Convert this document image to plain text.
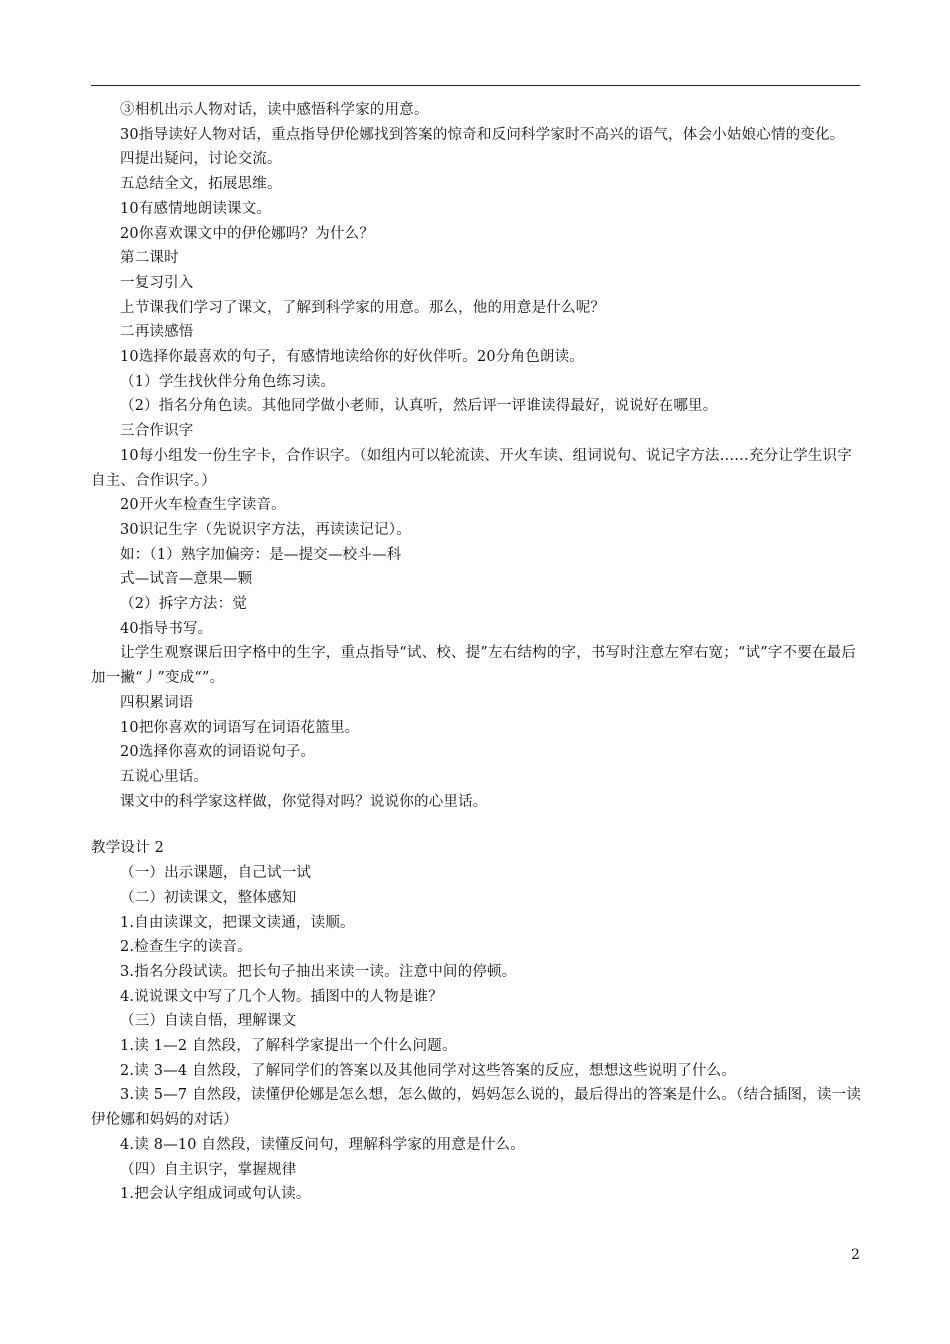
③相机出示人物对话，读中感悟科学家的用意。

30指导读好人物对话，重点指导伊伦娜找到答案的惊奇和反问科学家时不高兴的语气，体会小姑娘心情的变化。

四提出疑问，讨论交流。

五总结全文，拓展思维。

10有感情地朗读课文。

20你喜欢课文中的伊伦娜吗？为什么？

第二课时

一复习引入

上节课我们学习了课文，了解到科学家的用意。那么，他的用意是什么呢？

二再读感悟

10选择你最喜欢的句子，有感情地读给你的好伙伴听。20分角色朗读。

（1）学生找伙伴分角色练习读。

（2）指名分角色读。其他同学做小老师，认真听，然后评一评谁读得最好，说说好在哪里。

三合作识字

10每小组发一份生字卡，合作识字。（如组内可以轮流读、开火车读、组词说句、说记字方法……充分让学生识字自主、合作识字。）

20开火车检查生字读音。

30识记生字（先说识字方法，再读读记记）。

如：（1）熟字加偏旁：是—提交—校斗—科

式—试音—意果—颗

（2）拆字方法：觉

40指导书写。

让学生观察课后田字格中的生字，重点指导“试、校、提”左右结构的字，书写时注意左窄右宽；“试”字不要在最后加一撇“丿”变成“”。

四积累词语

10把你喜欢的词语写在词语花篮里。

20选择你喜欢的词语说句子。

五说心里话。

课文中的科学家这样做，你觉得对吗？说说你的心里话。

教学设计 2

（一）出示课题，自己试一试

（二）初读课文，整体感知

1.自由读课文，把课文读通，读顺。

2.检查生字的读音。

3.指名分段试读。把长句子抽出来读一读。注意中间的停顿。

4.说说课文中写了几个人物。插图中的人物是谁？

（三）自读自悟，理解课文

1.读 1—2 自然段，了解科学家提出一个什么问题。

2.读 3—4 自然段，了解同学们的答案以及其他同学对这些答案的反应，想想这些说明了什么。

3.读 5—7 自然段，读懂伊伦娜是怎么想，怎么做的，妈妈怎么说的，最后得出的答案是什么。（结合插图，读一读伊伦娜和妈妈的对话）

4.读 8—10 自然段，读懂反问句，理解科学家的用意是什么。

（四）自主识字，掌握规律

1.把会认字组成词或句认读。

2
